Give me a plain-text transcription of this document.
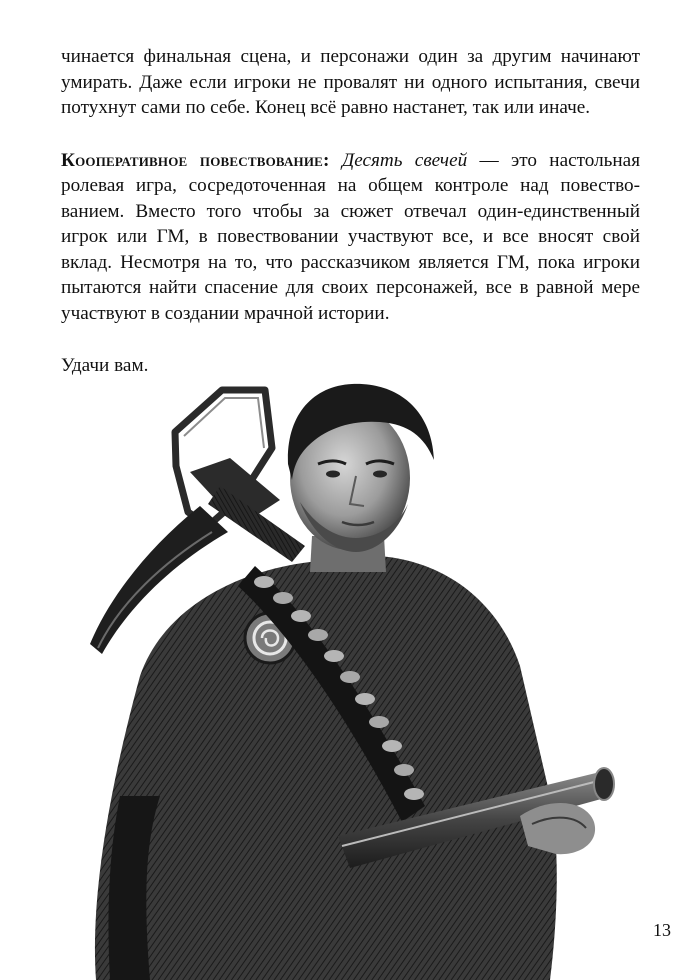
чинается финальная сцена, и персонажи один за другим начинают умирать. Даже если игроки не провалят ни одного испытания, свечи потухнут сами по себе. Конец всё равно настанет, так или иначе.

Кооперативное повествование: Десять свечей — это настольная ролевая игра, сосредоточенная на общем контроле над повествованием. Вместо того чтобы за сюжет отвечал один-единственный игрок или ГМ, в повествовании участвуют все, и все вносят свой вклад. Несмотря на то, что рассказчиком является ГМ, пока игроки пытаются найти спасение для своих персонажей, все в равной мере участвуют в создании мрачной истории.

Удачи вам.

13
